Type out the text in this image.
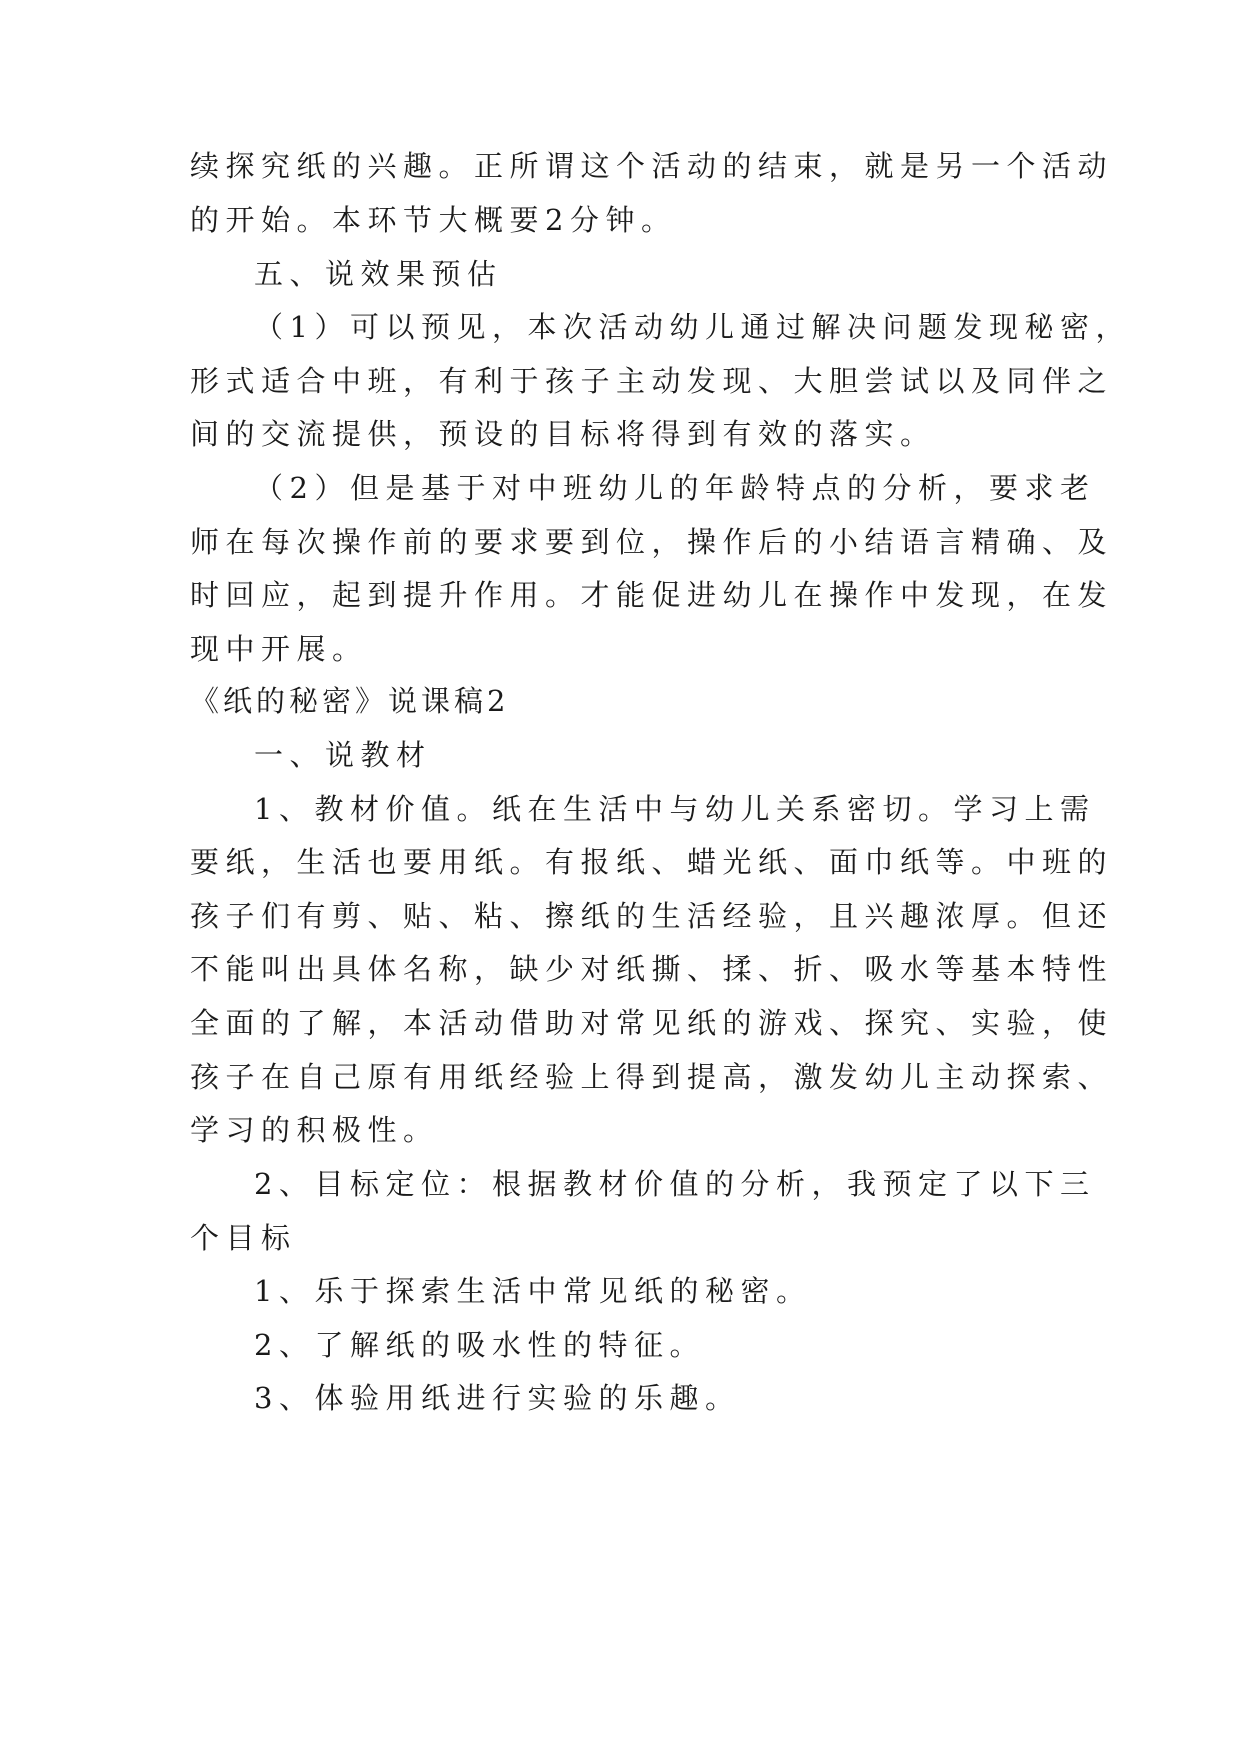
续探究纸的兴趣。正所谓这个活动的结束，就是另一个活动
的开始。本环节大概要2分钟。
五、说效果预估
（1）可以预见，本次活动幼儿通过解决问题发现秘密，
形式适合中班，有利于孩子主动发现、大胆尝试以及同伴之
间的交流提供，预设的目标将得到有效的落实。
（2）但是基于对中班幼儿的年龄特点的分析，要求老
师在每次操作前的要求要到位，操作后的小结语言精确、及
时回应，起到提升作用。才能促进幼儿在操作中发现，在发
现中开展。
《纸的秘密》说课稿2
一、说教材
1、教材价值。纸在生活中与幼儿关系密切。学习上需
要纸，生活也要用纸。有报纸、蜡光纸、面巾纸等。中班的
孩子们有剪、贴、粘、擦纸的生活经验，且兴趣浓厚。但还
不能叫出具体名称，缺少对纸撕、揉、折、吸水等基本特性
全面的了解，本活动借助对常见纸的游戏、探究、实验，使
孩子在自己原有用纸经验上得到提高，激发幼儿主动探索、
学习的积极性。
2、目标定位：根据教材价值的分析，我预定了以下三
个目标
1、乐于探索生活中常见纸的秘密。
2、了解纸的吸水性的特征。
3、体验用纸进行实验的乐趣。
